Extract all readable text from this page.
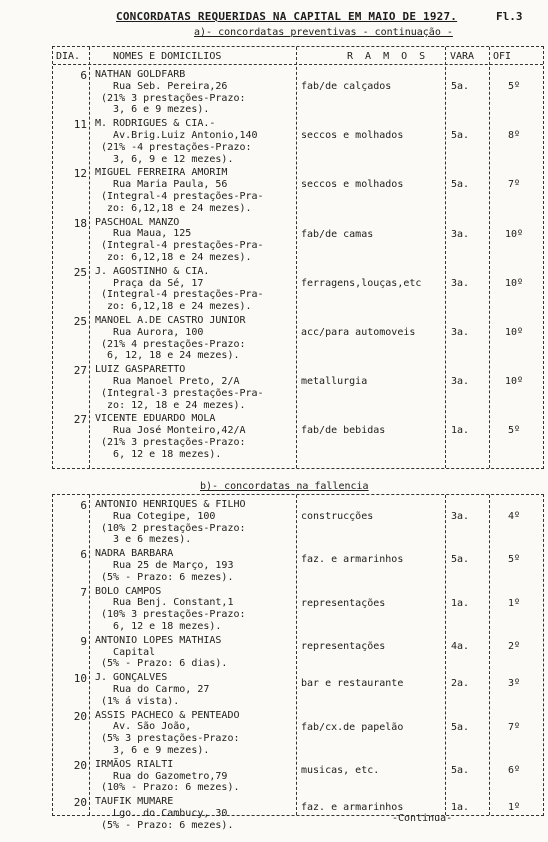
CONCORDATAS REQUERIDAS NA CAPITAL EM MAIO DE 1927.	Fl.3
a)- concordatas preventivas - continuação -
DIA.	NOMES E DOMICILIOS	R A M O S VARA OFI
6 NATHAN GOLDFARB
Rua Seb. Pereira,26
(21% 3 prestações-Prazo:
3, 6 e 9 mezes).
fab/de calçados	5a.	5º
11 M. RODRIGUES & CIA.-
Av.Brig.Luiz Antonio,140
(21% -4 prestações-Prazo:
3, 6, 9 e 12 mezes).
seccos e molhados	5a.	8º
12 MIGUEL FERREIRA AMORIM
Rua Maria Paula, 56
(Integral-4 prestações-Pra-
zo: 6,12,18 e 24 mezes).
seccos e molhados	5a.	7º
18 PASCHOAL MANZO
Rua Maua, 125
(Integral-4 prestações-Pra-
zo: 6,12,18 e 24 mezes).
fab/de camas	3a.	10º
25 J. AGOSTINHO & CIA.
Praça da Sé, 17
(Integral-4 prestações-Pra-
zo: 6,12,18 e 24 mezes).
ferragens,louças,etc	3a.	10º
25 MANOEL A.DE CASTRO JUNIOR
Rua Aurora, 100
(21% 4 prestações-Prazo:
6, 12, 18 e 24 mezes).
acc/para automoveis	3a.	10º
27 LUIZ GASPARETTO
Rua Manoel Preto, 2/A
(Integral-3 prestações-Pra-
zo: 12, 18 e 24 mezes).
metallurgia	3a.	10º
27 VICENTE EDUARDO MOLA
Rua José Monteiro,42/A
(21% 3 prestações-Prazo:
6, 12 e 18 mezes).
fab/de bebidas	1a.	5º
b)- concordatas na fallencia
6 ANTONIO HENRIQUES & FILHO
Rua Cotegipe, 100
(10% 2 prestações-Prazo:
3 e 6 mezes).
construcções	3a.	4º
6 NADRA BARBARA
Rua 25 de Março, 193
(5% - Prazo: 6 mezes).
faz. e armarinhos	5a.	5º
7 BOLO CAMPOS
Rua Benj. Constant,1
(10% 3 prestações-Prazo:
6, 12 e 18 mezes).
representações	1a.	1º
9 ANTONIO LOPES MATHIAS
Capital
(5% - Prazo: 6 dias).
representações	4a.	2º
10 J. GONÇALVES
Rua do Carmo, 27
(1% á vista).
bar e restaurante	2a.	3º
20 ASSIS PACHECO & PENTEADO
Av. São João,
(5% 3 prestações-Prazo:
3, 6 e 9 mezes).
fab/cx.de papelão	5a.	7º
20 IRMÃOS RIALTI
Rua do Gazometro,79
(10% - Prazo: 6 mezes).
musicas, etc.	5a.	6º
20 TAUFIK MUMARE
Lgo. do Cambucy, 30
(5% - Prazo: 6 mezes).
faz. e armarinhos	1a.	1º
-Continua-
